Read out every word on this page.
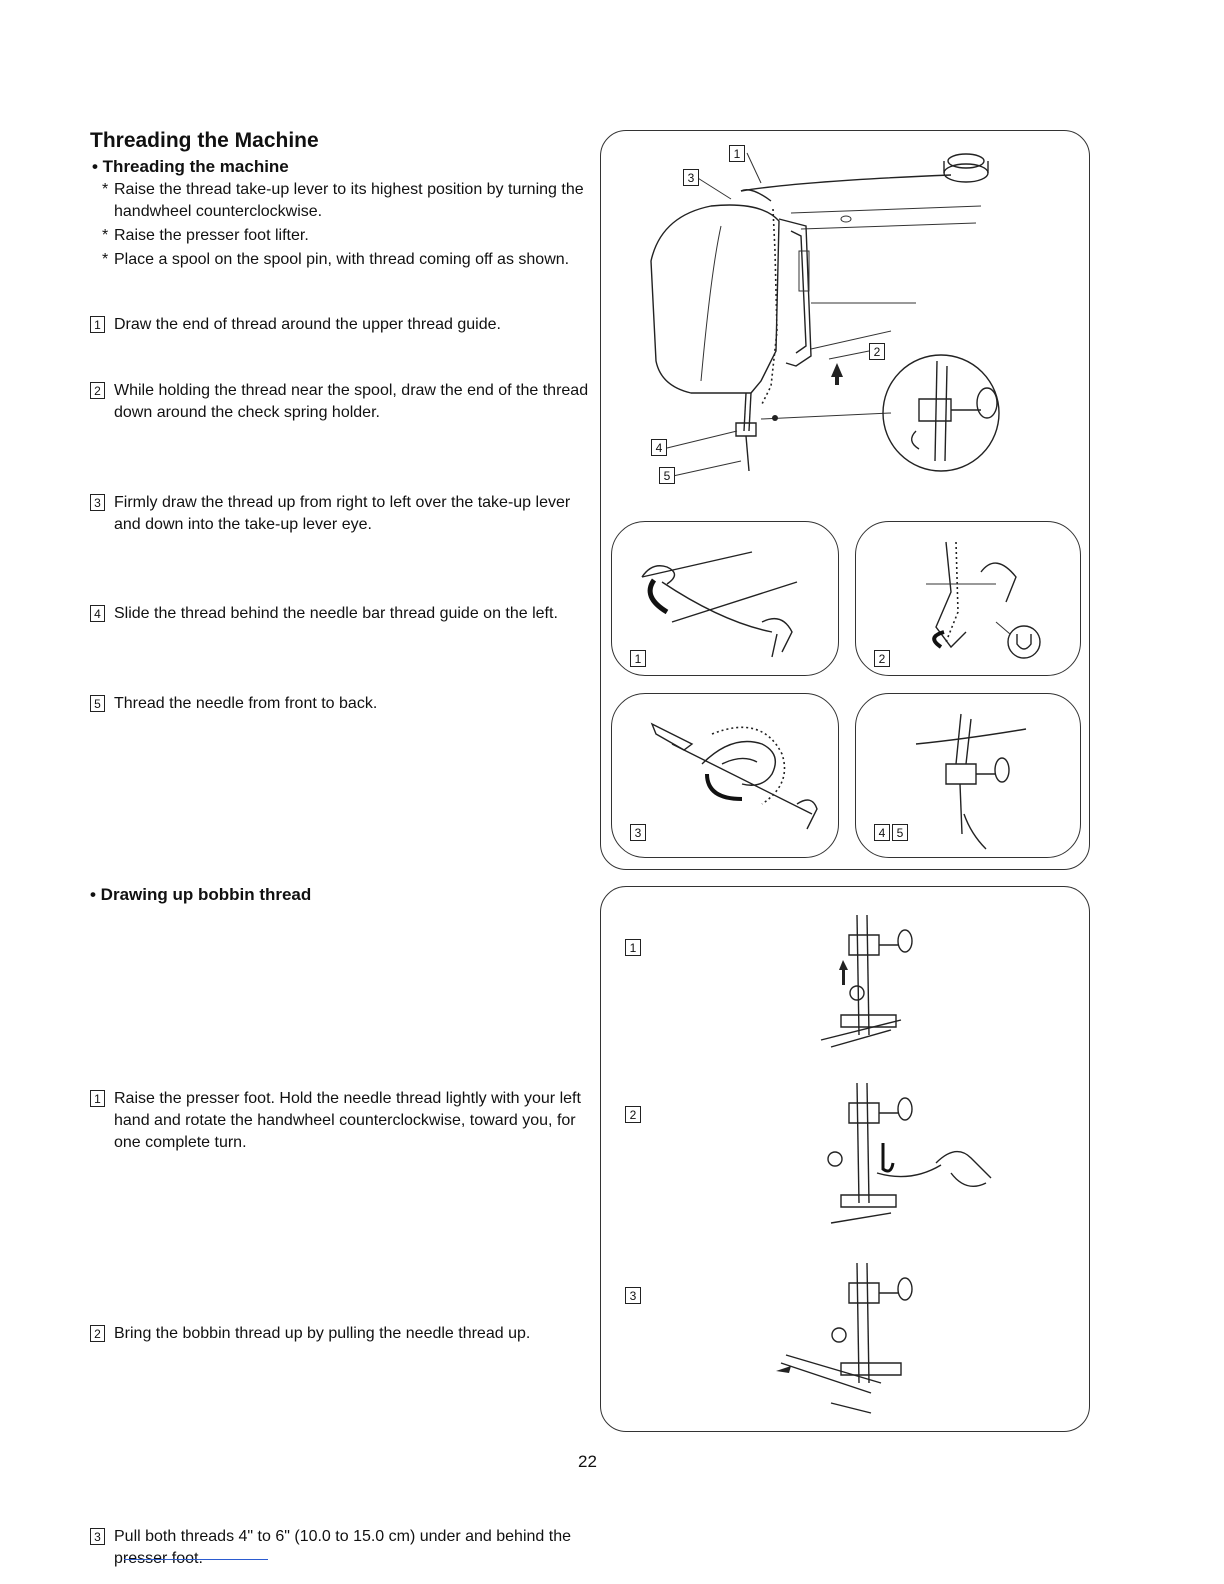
Threading the Machine
• Threading the machine
* Raise the thread take-up lever to its highest position by turning the handwheel counterclockwise.
* Raise the presser foot lifter.
* Place a spool on the spool pin, with thread coming off as shown.
1 Draw the end of thread around the upper thread guide.
2 While holding the thread near the spool, draw the end of the thread down around the check spring holder.
3 Firmly draw the thread up from right to left over the take-up lever and down into the take-up lever eye.
4 Slide the thread behind the needle bar thread guide on the left.
5 Thread the needle from front to back.
• Drawing up bobbin thread
1 Raise the presser foot. Hold the needle thread lightly with your left hand and rotate the handwheel counterclockwise, toward you, for one complete turn.
2 Bring the bobbin thread up by pulling the needle thread up.
3 Pull both threads 4" to 6" (10.0 to 15.0 cm) under and behind the presser foot.
1
3
2
4
5
1	2
3	4 5
1
2
3
22
